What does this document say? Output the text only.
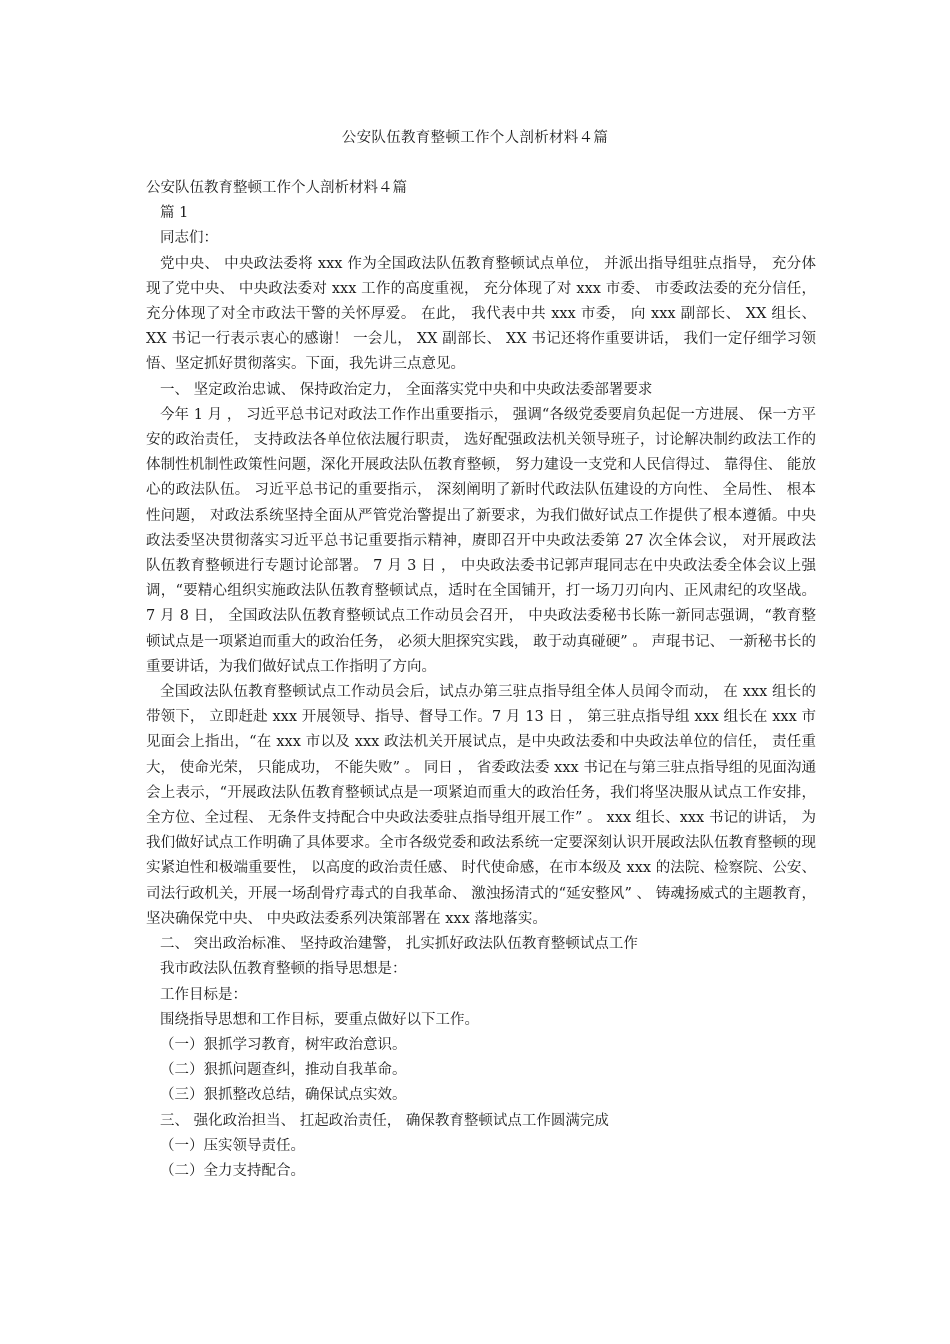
公安队伍教育整顿工作个人剖析材料４篇

公安队伍教育整顿工作个人剖析材料４篇

篇 1

同志们：

党中央、 中央政法委将 xxx 作为全国政法队伍教育整顿试点单位， 并派出指导组驻点指导， 充分体现了党中央、 中央政法委对 xxx 工作的高度重视， 充分体现了对 xxx 市委、 市委政法委的充分信任， 充分体现了对全市政法干警的关怀厚爱。 在此， 我代表中共 xxx 市委， 向 xxx 副部长、 XX 组长、 XX 书记一行表示衷心的感谢！ 一会儿， XX 副部长、 XX 书记还将作重要讲话， 我们一定仔细学习领悟、坚定抓好贯彻落实。下面，我先讲三点意见。

一、 坚定政治忠诚、 保持政治定力， 全面落实党中央和中央政法委部署要求

今年 1 月 ， 习近平总书记对政法工作作出重要指示， 强调“各级党委要肩负起促一方进展、 保一方平安的政治责任， 支持政法各单位依法履行职责， 选好配强政法机关领导班子，讨论解决制约政法工作的体制性机制性政策性问题，深化开展政法队伍教育整顿， 努力建设一支党和人民信得过、 靠得住、 能放心的政法队伍。 习近平总书记的重要指示， 深刻阐明了新时代政法队伍建设的方向性、 全局性、 根本性问题， 对政法系统坚持全面从严管党治警提出了新要求，为我们做好试点工作提供了根本遵循。中央政法委坚决贯彻落实习近平总书记重要指示精神，赓即召开中央政法委第 27 次全体会议， 对开展政法队伍教育整顿进行专题讨论部署。 7 月 3 日 ， 中央政法委书记郭声琨同志在中央政法委全体会议上强调，“要精心组织实施政法队伍教育整顿试点，适时在全国铺开，打一场刀刃向内、正风肃纪的攻坚战。 7 月 8 日， 全国政法队伍教育整顿试点工作动员会召开， 中央政法委秘书长陈一新同志强调，“教育整顿试点是一项紧迫而重大的政治任务， 必须大胆探究实践， 敢于动真碰硬” 。 声琨书记、 一新秘书长的重要讲话，为我们做好试点工作指明了方向。

全国政法队伍教育整顿试点工作动员会后，试点办第三驻点指导组全体人员闻令而动， 在 xxx 组长的带领下， 立即赶赴 xxx 开展领导、指导、督导工作。7 月 13 日 ， 第三驻点指导组 xxx 组长在 xxx 市见面会上指出，“在 xxx 市以及 xxx 政法机关开展试点，是中央政法委和中央政法单位的信任， 责任重大， 使命光荣， 只能成功， 不能失败” 。 同日 ， 省委政法委 xxx 书记在与第三驻点指导组的见面沟通会上表示，“开展政法队伍教育整顿试点是一项紧迫而重大的政治任务，我们将坚决服从试点工作安排，全方位、全过程、 无条件支持配合中央政法委驻点指导组开展工作” 。 xxx 组长、xxx 书记的讲话， 为我们做好试点工作明确了具体要求。全市各级党委和政法系统一定要深刻认识开展政法队伍教育整顿的现实紧迫性和极端重要性， 以高度的政治责任感、 时代使命感，在市本级及 xxx 的法院、检察院、公安、司法行政机关，开展一场刮骨疗毒式的自我革命、 激浊扬清式的“延安整风” 、 铸魂扬威式的主题教育， 坚决确保党中央、 中央政法委系列决策部署在 xxx 落地落实。

二、 突出政治标准、 坚持政治建警， 扎实抓好政法队伍教育整顿试点工作

我市政法队伍教育整顿的指导思想是：

工作目标是：

围绕指导思想和工作目标，要重点做好以下工作。

（一）狠抓学习教育，树牢政治意识。

（二）狠抓问题查纠，推动自我革命。

（三）狠抓整改总结，确保试点实效。

三、 强化政治担当、 扛起政治责任， 确保教育整顿试点工作圆满完成

（一）压实领导责任。

（二）全力支持配合。
